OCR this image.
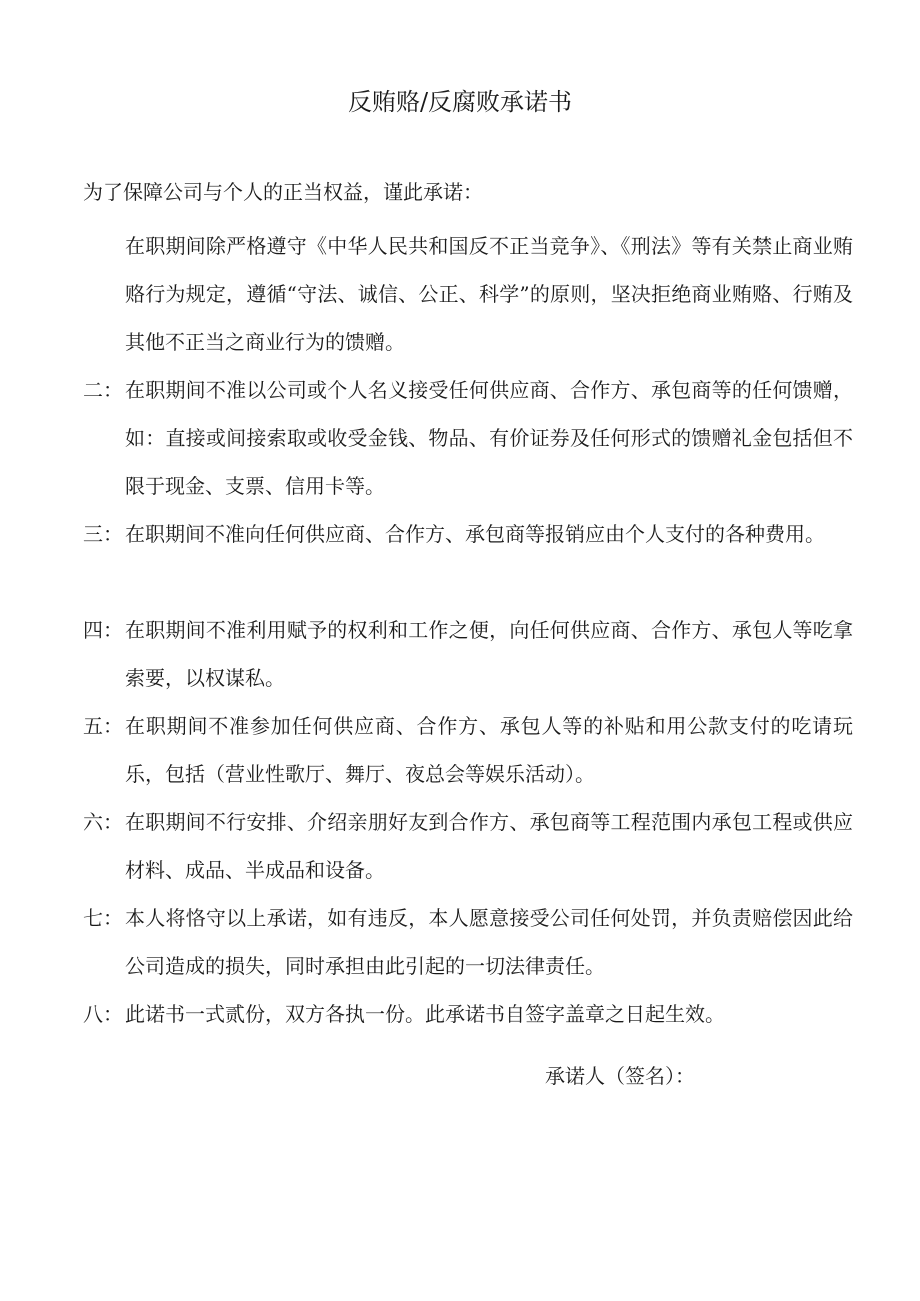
反贿赂/反腐败承诺书
为了保障公司与个人的正当权益，谨此承诺：
在职期间除严格遵守《中华人民共和国反不正当竞争》、《刑法》等有关禁止商业贿赂行为规定，遵循“守法、诚信、公正、科学”的原则，坚决拒绝商业贿赂、行贿及其他不正当之商业行为的馈赠。
二： 在职期间不准以公司或个人名义接受任何供应商、合作方、承包商等的任何馈赠，如：直接或间接索取或收受金钱、物品、有价证券及任何形式的馈赠礼金包括但不限于现金、支票、信用卡等。
三： 在职期间不准向任何供应商、合作方、承包商等报销应由个人支付的各种费用。
四： 在职期间不准利用赋予的权利和工作之便，向任何供应商、合作方、承包人等吃拿索要，以权谋私。
五： 在职期间不准参加任何供应商、合作方、承包人等的补贴和用公款支付的吃请玩乐，包括（营业性歌厅、舞厅、夜总会等娱乐活动）。
六： 在职期间不行安排、介绍亲朋好友到合作方、承包商等工程范围内承包工程或供应材料、成品、半成品和设备。
七： 本人将恪守以上承诺，如有违反，本人愿意接受公司任何处罚，并负责赔偿因此给公司造成的损失，同时承担由此引起的一切法律责任。
八： 此诺书一式贰份，双方各执一份。此承诺书自签字盖章之日起生效。
承诺人（签名）：
